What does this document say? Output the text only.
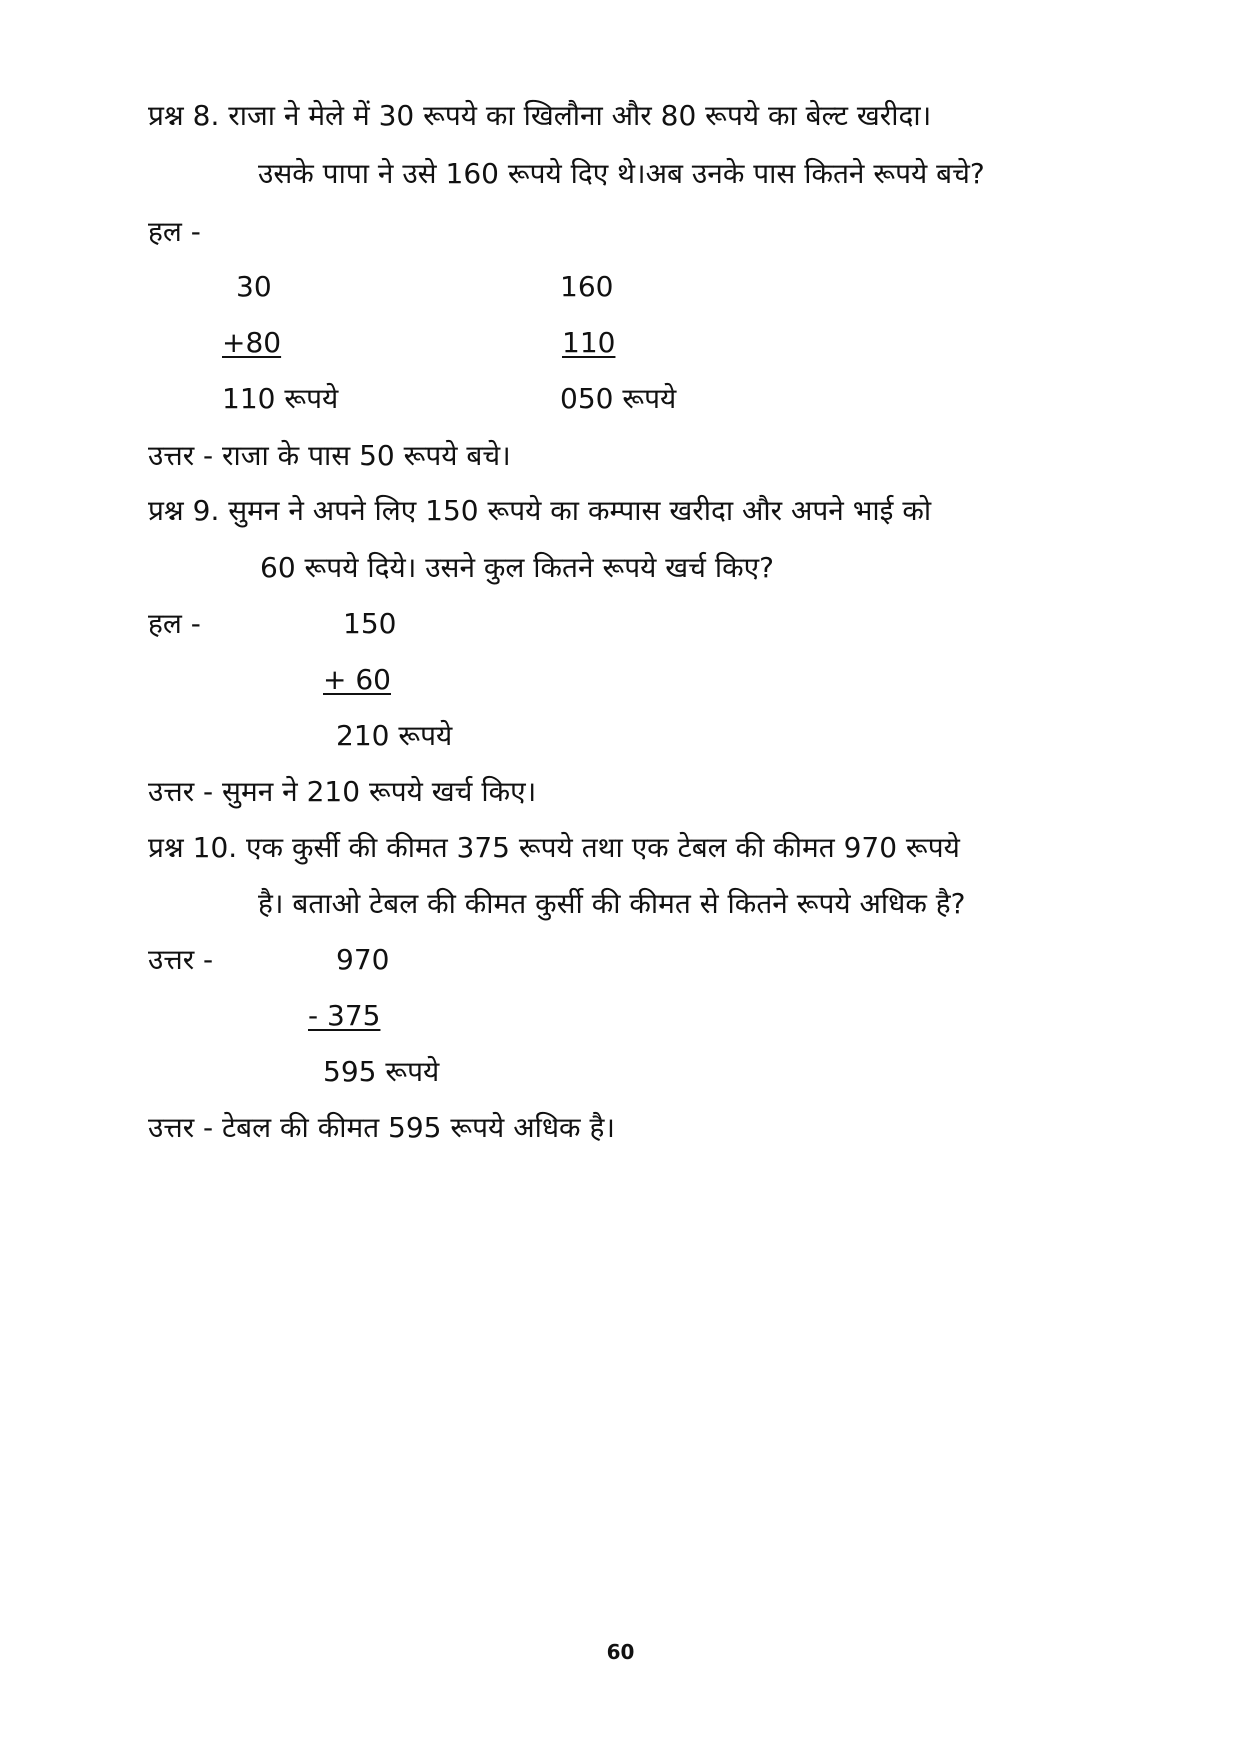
प्रश्न 8. राजा ने मेले में 30 रूपये का खिलौना और 80 रूपये का बेल्ट खरीदा।
उसके पापा ने उसे 160 रूपये दिए थे।अब उनके पास कितने रूपये बचे?
हल -
30
+80
110 रूपये
160
110
050 रूपये
उत्तर - राजा के पास 50 रूपये बचे।
प्रश्न 9. सुमन ने अपने लिए 150 रूपये का कम्पास खरीदा और अपने भाई को
60 रूपये दिये। उसने कुल कितने रूपये खर्च किए?
हल -	150
+ 60
210 रूपये
उत्तर - सुमन ने 210 रूपये खर्च किए।
प्रश्न 10. एक कुर्सी की कीमत 375 रूपये तथा एक टेबल की कीमत 970 रूपये
है। बताओ टेबल की कीमत कुर्सी की कीमत से कितने रूपये अधिक है?
उत्तर -	970
- 375
595 रूपये
उत्तर - टेबल की कीमत 595 रूपये अधिक है।
60
